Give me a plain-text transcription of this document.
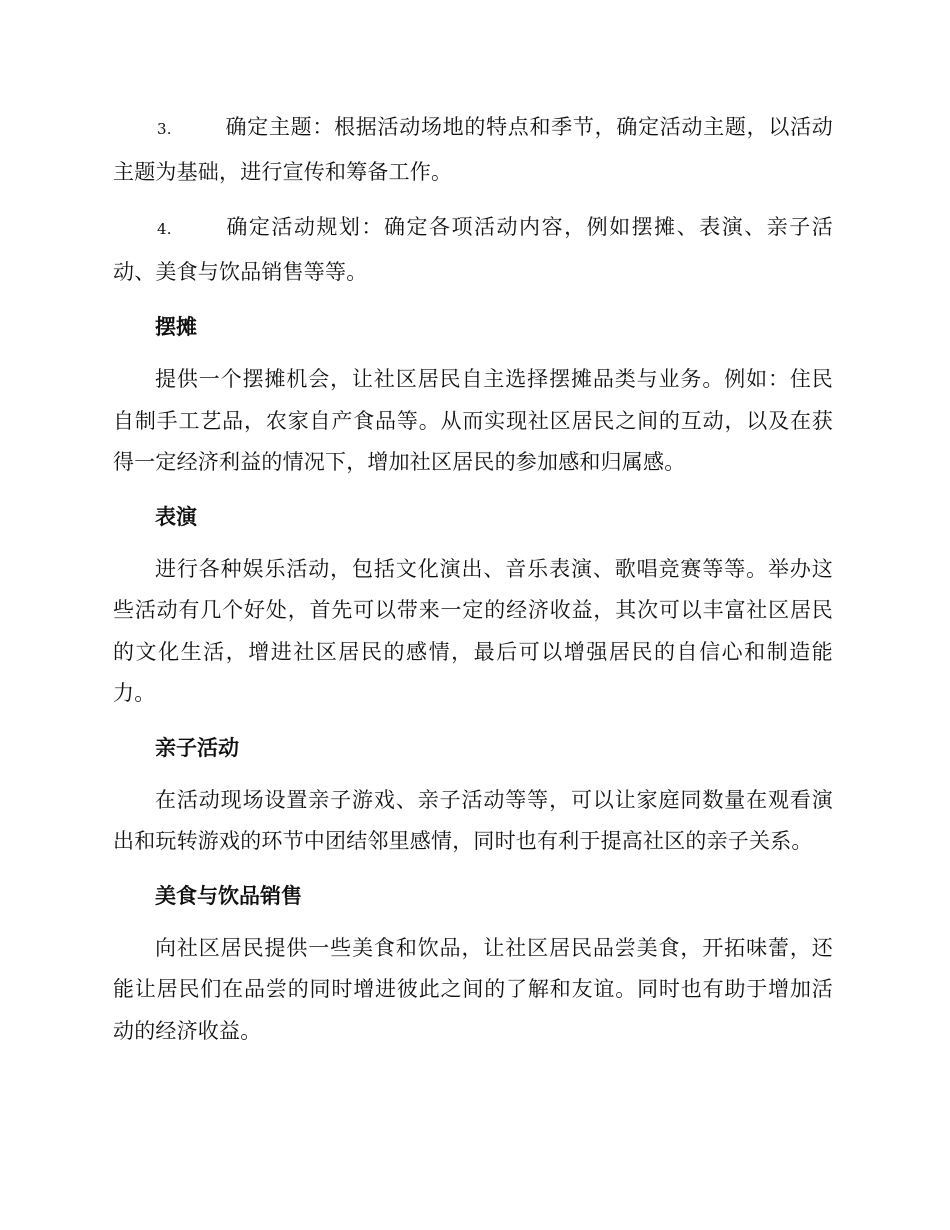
3.	确定主题：根据活动场地的特点和季节，确定活动主题，以活动主题为基础，进行宣传和筹备工作。

4.	确定活动规划：确定各项活动内容，例如摆摊、表演、亲子活动、美食与饮品销售等等。

摆摊

提供一个摆摊机会，让社区居民自主选择摆摊品类与业务。例如：住民自制手工艺品，农家自产食品等。从而实现社区居民之间的互动，以及在获得一定经济利益的情况下，增加社区居民的参加感和归属感。

表演

进行各种娱乐活动，包括文化演出、音乐表演、歌唱竞赛等等。举办这些活动有几个好处，首先可以带来一定的经济收益，其次可以丰富社区居民的文化生活，增进社区居民的感情，最后可以增强居民的自信心和制造能力。

亲子活动

在活动现场设置亲子游戏、亲子活动等等，可以让家庭同数量在观看演出和玩转游戏的环节中团结邻里感情，同时也有利于提高社区的亲子关系。

美食与饮品销售

向社区居民提供一些美食和饮品，让社区居民品尝美食，开拓味蕾，还能让居民们在品尝的同时增进彼此之间的了解和友谊。同时也有助于增加活动的经济收益。
